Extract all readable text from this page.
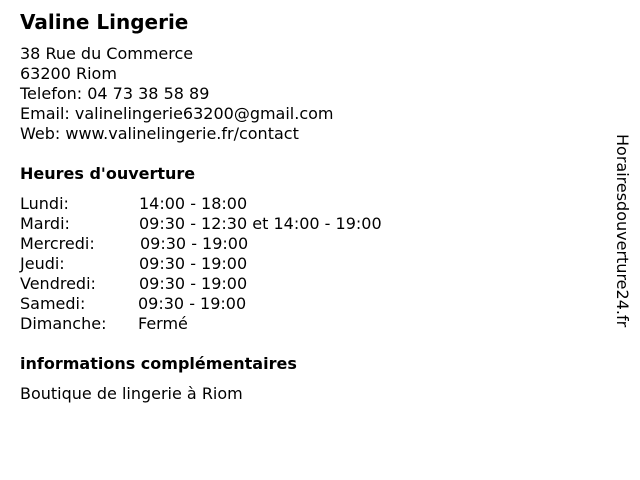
Valine Lingerie
38 Rue du Commerce
63200 Riom
Telefon: 04 73 38 58 89
Email: valinelingerie63200@gmail.com
Web: www.valinelingerie.fr/contact
Heures d'ouverture
Lundi:	14:00 - 18:00
Mardi:	09:30 - 12:30 et 14:00 - 19:00
Mercredi:	09:30 - 19:00
Jeudi:	09:30 - 19:00
Vendredi:	09:30 - 19:00
Samedi:	09:30 - 19:00
Dimanche: Fermé
informations complémentaires
Boutique de lingerie à Riom
Horairesdouverture24.fr
